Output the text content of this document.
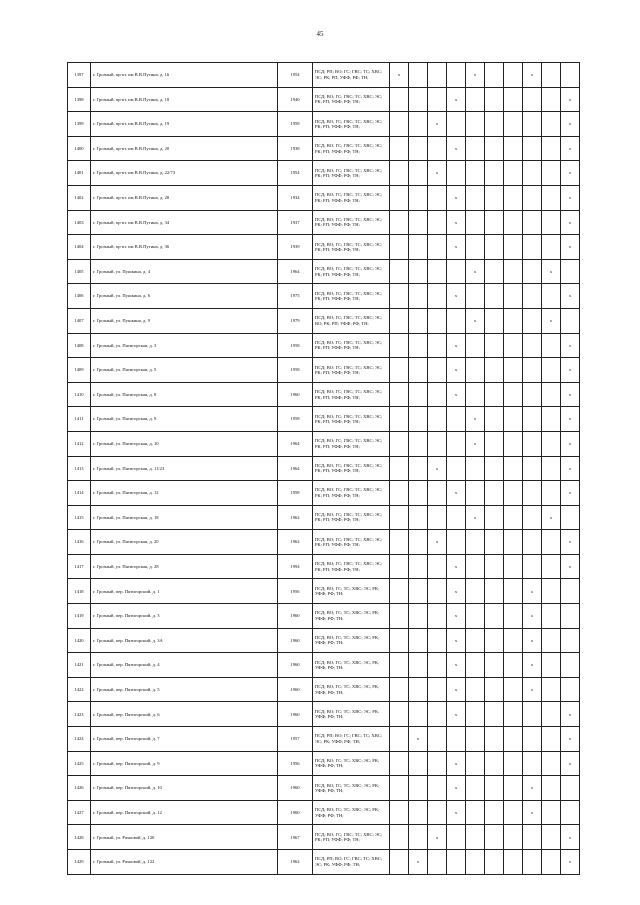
45
1397	г. Грозный, пр-кт. им В.В.Путина, д. 16	1954	ПСД; РП; ВО; ГС; ГВС; ТС; ХВС; ЭС; РК; РП; УФФ; РФ; ТН;	х				х			х		
1398	г. Грозный, пр-кт. им В.В.Путина, д. 18	1940	ПСД; ВО; ГС; ГВС; ТС; ХВС; ЭС; РК; РП; УФФ; РФ; ТН;				х						х
1399	г. Грозный, пр-кт. им В.В.Путина, д. 19	1958	ПСД; ВО; ГС; ГВС; ТС; ХВС; ЭС; РК; РП; УФФ; РФ; ТН;			х							х
1400	г. Грозный, пр-кт. им В.В.Путина, д. 20	1938	ПСД; ВО; ГС; ГВС; ТС; ХВС; ЭС; РК; РП; УФФ; РФ; ТН;				х						х
1401	г. Грозный, пр-кт. им В.В.Путина, д. 22/73	1954	ПСД; ВО; ГС; ГВС; ТС; ХВС; ЭС; РК; РП; УФФ; РФ; ТН;			х							х
1402	г. Грозный, пр-кт. им В.В.Путина, д. 28	1934	ПСД; ВО; ГС; ГВС; ТС; ХВС; ЭС; РК; РП; УФФ; РФ; ТН;				х						х
1403	г. Грозный, пр-кт. им В.В.Путина, д. 34	1937	ПСД; ВО; ГС; ГВС; ТС; ХВС; ЭС; РК; РП; УФФ; РФ; ТН;				х						х
1404	г. Грозный, пр-кт. им В.В.Путина, д. 36	1939	ПСД; ВО; ГС; ГВС; ТС; ХВС; ЭС; РК; РП; УФФ; РФ; ТН;				х						х
1405	г. Грозный, ул. Пушкина, д. 4	1964	ПСД; ВО; ГС; ГВС; ТС; ХВС; ЭС; РК; РП; УФФ; РФ; ТН;					х				х	
1406	г. Грозный, ул. Пушкина, д. 6	1975	ПСД; ВО; ГС; ГВС; ТС; ХВС; ЭС; РК; РП; УФФ; РФ; ТН;				х						х
1407	г. Грозный, ул. Пушкина, д. 9	1979	ПСД; ВО; ГС; ГВС; ТС; ХВС; ЭС; ВО; РК; РП; УФФ; РФ; ТН;					х				х	
1408	г. Грозный, ул. Пятигорская, д. 3	1958	ПСД; ВО; ГС; ГВС; ТС; ХВС; ЭС; РК; РП; УФФ; РФ; ТН;				х						х
1409	г. Грозный, ул. Пятигорская, д. 5	1958	ПСД; ВО; ГС; ГВС; ТС; ХВС; ЭС; РК; РП; УФФ; РФ; ТН;				х						х
1410	г. Грозный, ул. Пятигорская, д. 8	1960	ПСД; ВО; ГС; ГВС; ТС; ХВС; ЭС; РК; РП; УФФ; РФ; ТН;				х						х
1411	г. Грозный, ул. Пятигорская, д. 9	1958	ПСД; ВО; ГС; ГВС; ТС; ХВС; ЭС; РК; РП; УФФ; РФ; ТН;					х					х
1412	г. Грозный, ул. Пятигорская, д. 10	1964	ПСД; ВО; ГС; ГВС; ТС; ХВС; ЭС; РК; РП; УФФ; РФ; ТН;					х					х
1413	г. Грозный, ул. Пятигорская, д. 11/23	1964	ПСД; ВО; ГС; ГВС; ТС; ХВС; ЭС; РК; РП; УФФ; РФ; ТН;			х							х
1414	г. Грозный, ул. Пятигорская, д. 12	1958	ПСД; ВО; ГС; ГВС; ТС; ХВС; ЭС; РК; РП; УФФ; РФ; ТН;				х						х
1415	г. Грозный, ул. Пятигорская, д. 18	1962	ПСД; ВО; ГС; ГВС; ТС; ХВС; ЭС; РК; РП; УФФ; РФ; ТН;					х				х	
1416	г. Грозный, ул. Пятигорская, д. 20	1962	ПСД; ВО; ГС; ГВС; ТС; ХВС; ЭС; РК; РП; УФФ; РФ; ТН;			х							х
1417	г. Грозный, ул. Пятигорская, д. 28	1994	ПСД; ВО; ГС; ГВС; ТС; ХВС; ЭС; РК; РП; УФФ; РФ; ТН;				х						х
1418	г. Грозный, пер. Пятигорский, д. 1	1956	ПСД; ВО; ГС; ТС; ХВС; ЭС; РК; УФФ; РФ; ТН;				х				х		
1419	г. Грозный, пер. Пятигорский, д. 3	1960	ПСД; ВО; ГС; ТС; ХВС; ЭС; РК; УФФ; РФ; ТН;				х				х		
1420	г. Грозный, пер. Пятигорский, д. 3А	1960	ПСД; ВО; ГС; ТС; ХВС; ЭС; РК; УФФ; РФ; ТН;				х				х		
1421	г. Грозный, пер. Пятигорский, д. 4	1960	ПСД; ВО; ГС; ТС; ХВС; ЭС; РК; УФФ; РФ; ТН;				х				х		
1422	г. Грозный, пер. Пятигорский, д. 5	1960	ПСД; ВО; ГС; ТС; ХВС; ЭС; РК; УФФ; РФ; ТН;				х				х		
1423	г. Грозный, пер. Пятигорский, д. 6	1960	ПСД; ВО; ГС; ТС; ХВС; ЭС; РК; УФФ; РФ; ТН;				х						х
1424	г. Грозный, пер. Пятигорский, д. 7	1957	ПСД; РП; ВО; ГС; ГВС; ТС; ХВС; ЭС; РК; УФФ; РФ; ТН;		х								х
1425	г. Грозный, пер. Пятигорский, д. 9	1956	ПСД; ВО; ГС; ТС; ХВС; ЭС; РК; УФФ; РФ; ТН;				х						х
1426	г. Грозный, пер. Пятигорский, д. 10	1960	ПСД; ВО; ГС; ТС; ХВС; ЭС; РК; УФФ; РФ; ТН;				х				х		
1427	г. Грозный, пер. Пятигорский, д. 12	1960	ПСД; ВО; ГС; ТС; ХВС; ЭС; РК; УФФ; РФ; ТН;				х				х		
1428	г. Грозный, ул. Рахковой, д. 120	1967	ПСД; ВО; ГС; ГВС; ТС; ХВС; ЭС; РК; РП; УФФ; РФ; ТН;			х							х
1429	г. Грозный, ул. Рахковой, д. 122	1962	ПСД; РП; ВО; ГС; ГВС; ТС; ХВС; ЭС; РК; УФФ; РФ; ТН;		х								х
